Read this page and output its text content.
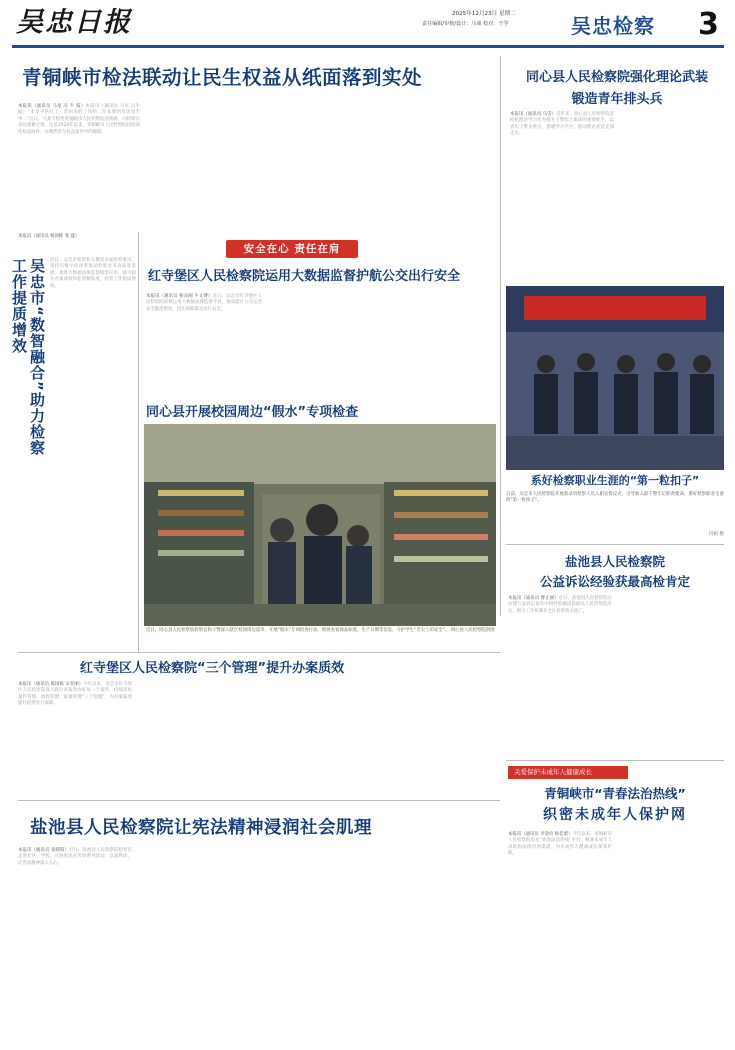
吴忠日报	2025年12月23日 星期二
责任编辑/审核/设计：马成 校对：王学	吴忠检察	3
青铜峡市检法联动让民生权益从纸面落到实处
本报讯（通讯员 马星 冯 牛 报）本报讯（通讯员 马星 冯牛 报）“本是平常打工，拿回来的工钱给二位本要到劳动者手中…”近日，马某专程给青铜峡市人民检察院送锦旗，向检察官表达感谢之情。这是2024年以来，青铜峡市人民检察院持续深化检法协作，办理涉民生权益案件中的缩影。
同心县人民检察院强化理论武装
锻造青年排头兵
本报讯（通讯员 马雪）近年来，同心县人民检察院坚持把理论学习作为提升干警综合素质的重要抓手，以青年干警为重点，搭建学习平台，推动理论武装走深走实。
本报讯（通讯员 杨国栋 张 盛）
吴忠市“数智融合”助力检察工作提质增效	近日，吴忠市检察机关聚焦办案检察重点，坚持以数字化改革推动检察业务高质量发展，推进大数据法律监督模型应用，助力提升办案质效和监督精准度，检察工作提质增效。
安全在心 责任在肩
红寺堡区人民检察院运用大数据监督护航公交出行安全
本报讯（通讯员 杨乐刚 牛文博）近日，吴忠市红寺堡区人民检察院积极运用大数据法律监督手段，推动辖区公交运营安全隐患整改，切实保障群众出行安全。
同心县开展校园周边“假水”专项检查
近日，同心县人民检察院检察官和干警深入辖区校园周边超市，开展“假水”专项检查行动，现场查看商品标签、生产日期等信息，守护学生“舌尖上的安全”。 同心县人民检察院供图
系好检察职业生涯的“第一粒扣子”
日前，吴忠市人民检察院开展新录用检察人员入职宣誓仪式，引导新入职干警牢记职责使命，系好检察职业生涯的“第一粒扣子”。
闫娟 摄
盐池县人民检察院
公益诉讼经验获最高检肯定
本报讯（通讯员 曹正丽）近日，盐池县人民检察院在办理公益诉讼案件中的经验做法获最高人民检察院肯定，相关工作机制在全区检察机关推广。
红寺堡区人民检察院“三个管理”提升办案质效
本报讯（通讯员 陈国栋 宋亚丽）今年以来，吴忠市红寺堡区人民检察院深入践行高质效办好每一个案件，持续深化案件管理、流程管理、质量管理“三个管理”，为办案质效提升提供有力保障。
关爱保护未成年人健康成长
青铜峡市“青春法治热线”
织密未成年人保护网
本报讯（通讯员 李金玲 杨佳蕾）今年以来，青铜峡市人民检察院依托“青春法治热线”平台，畅通未成年人求助和法律咨询渠道，为未成年人健康成长保驾护航。
盐池县人民检察院让宪法精神浸润社会肌理
本报讯（通讯员 张晓阳）近日，盐池县人民检察院检察官走进社区、学校，开展宪法宣传周系列活动，以案释法，让宪法精神深入人心。
